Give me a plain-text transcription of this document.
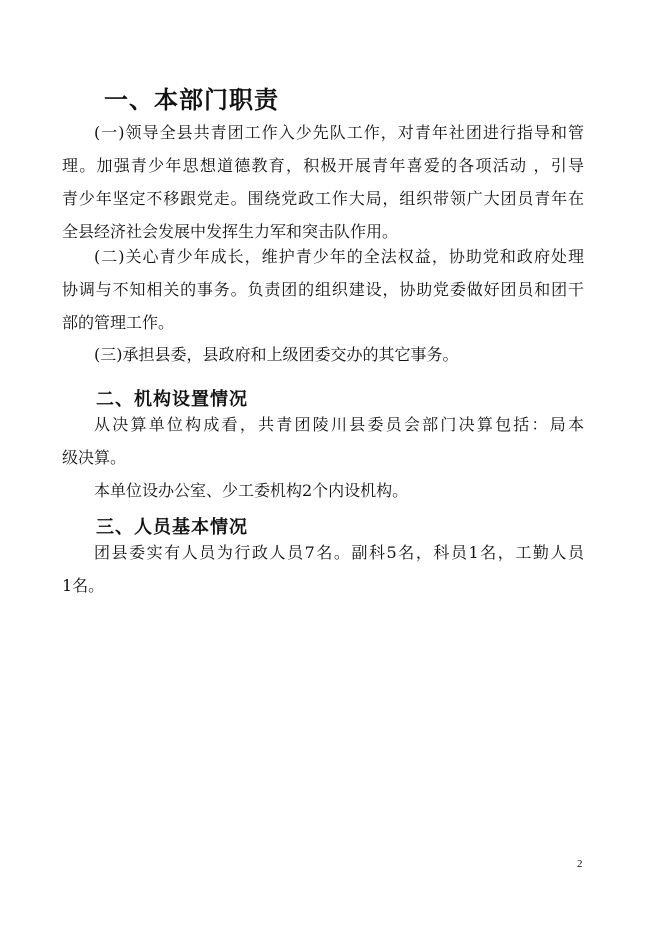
一、本部门职责
(一)领导全县共青团工作入少先队工作，对青年社团进行指导和管
理。加强青少年思想道德教育，积极开展青年喜爱的各项活动 ，引导
青少年坚定不移跟党走。围绕党政工作大局，组织带领广大团员青年在
全县经济社会发展中发挥生力军和突击队作用。
(二)关心青少年成长，维护青少年的全法权益，协助党和政府处理
协调与不知相关的事务。负责团的组织建设，协助党委做好团员和团干
部的管理工作。
(三)承担县委，县政府和上级团委交办的其它事务。
二、机构设置情况
从决算单位构成看，共青团陵川县委员会部门决算包括：局本
级决算。
本单位设办公室、少工委机构2个内设机构。
三、人员基本情况
团县委实有人员为行政人员7名。副科5名，科员1名，工勤人员
1名。
2
